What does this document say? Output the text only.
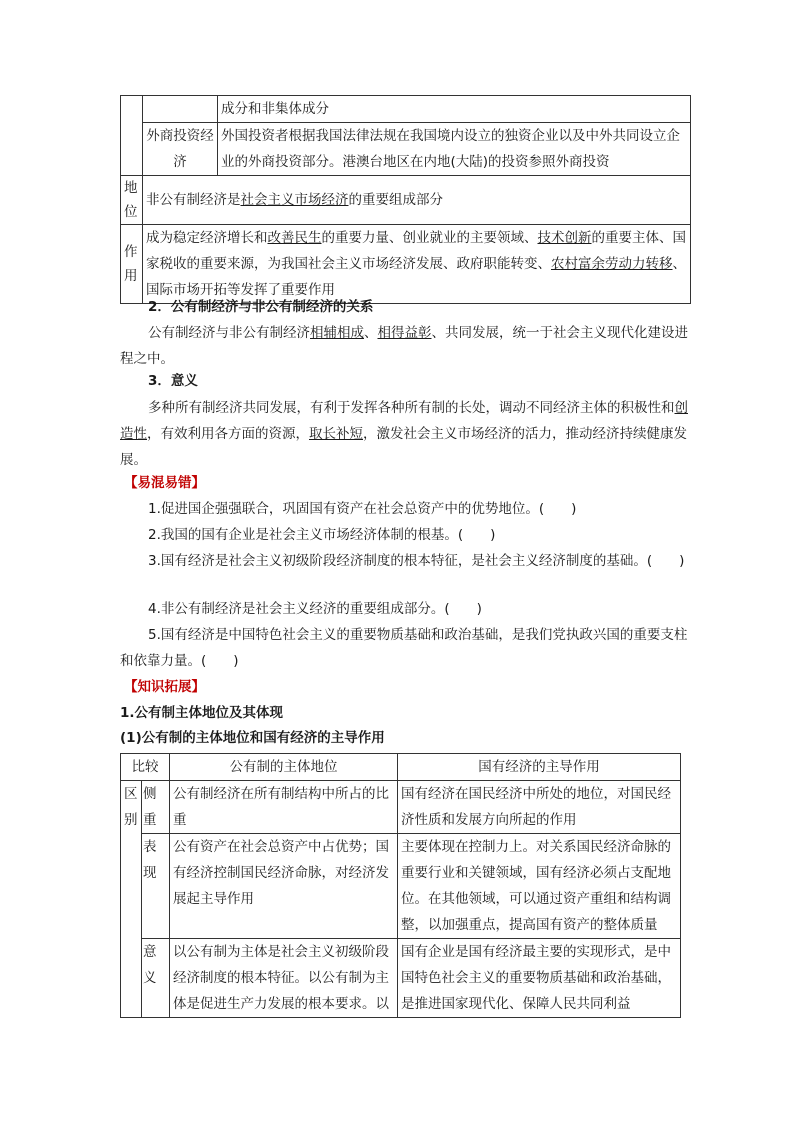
		成分和非集体成分
	外商投资经济	外国投资者根据我国法律法规在我国境内设立的独资企业以及中外共同设立企业的外商投资部分。港澳台地区在内地(大陆)的投资参照外商投资
地位	非公有制经济是社会主义市场经济的重要组成部分	
作用	成为稳定经济增长和改善民生的重要力量、创业就业的主要领域、技术创新的重要主体、国家税收的重要来源，为我国社会主义市场经济发展、政府职能转变、农村富余劳动力转移、国际市场开拓等发挥了重要作用	

2．公有制经济与非公有制经济的关系

公有制经济与非公有制经济相辅相成、相得益彰、共同发展，统一于社会主义现代化建设进程之中。

3．意义

多种所有制经济共同发展，有利于发挥各种所有制的长处，调动不同经济主体的积极性和创造性，有效利用各方面的资源，取长补短，激发社会主义市场经济的活力，推动经济持续健康发展。

【易混易错】

1.促进国企强强联合，巩固国有资产在社会总资产中的优势地位。(　　)

2.我国的国有企业是社会主义市场经济体制的根基。(　　)

3.国有经济是社会主义初级阶段经济制度的根本特征，是社会主义经济制度的基础。(　　)

4.非公有制经济是社会主义经济的重要组成部分。(　　)

5.国有经济是中国特色社会主义的重要物质基础和政治基础，是我们党执政兴国的重要支柱和依靠力量。(　　)

【知识拓展】

1.公有制主体地位及其体现

(1)公有制的主体地位和国有经济的主导作用

比较		公有制的主体地位	国有经济的主导作用
区别	侧重	公有制经济在所有制结构中所占的比重	国有经济在国民经济中所处的地位，对国民经济性质和发展方向所起的作用
	表现	公有资产在社会总资产中占优势；国有经济控制国民经济命脉，对经济发展起主导作用	主要体现在控制力上。对关系国民经济命脉的重要行业和关键领域，国有经济必须占支配地位。在其他领域，可以通过资产重组和结构调整，以加强重点，提高国有资产的整体质量
	意义	以公有制为主体是社会主义初级阶段经济制度的根本特征。以公有制为主体是促进生产力发展的根本要求。以	国有企业是国有经济最主要的实现形式，是中国特色社会主义的重要物质基础和政治基础，是推进国家现代化、保障人民共同利益
